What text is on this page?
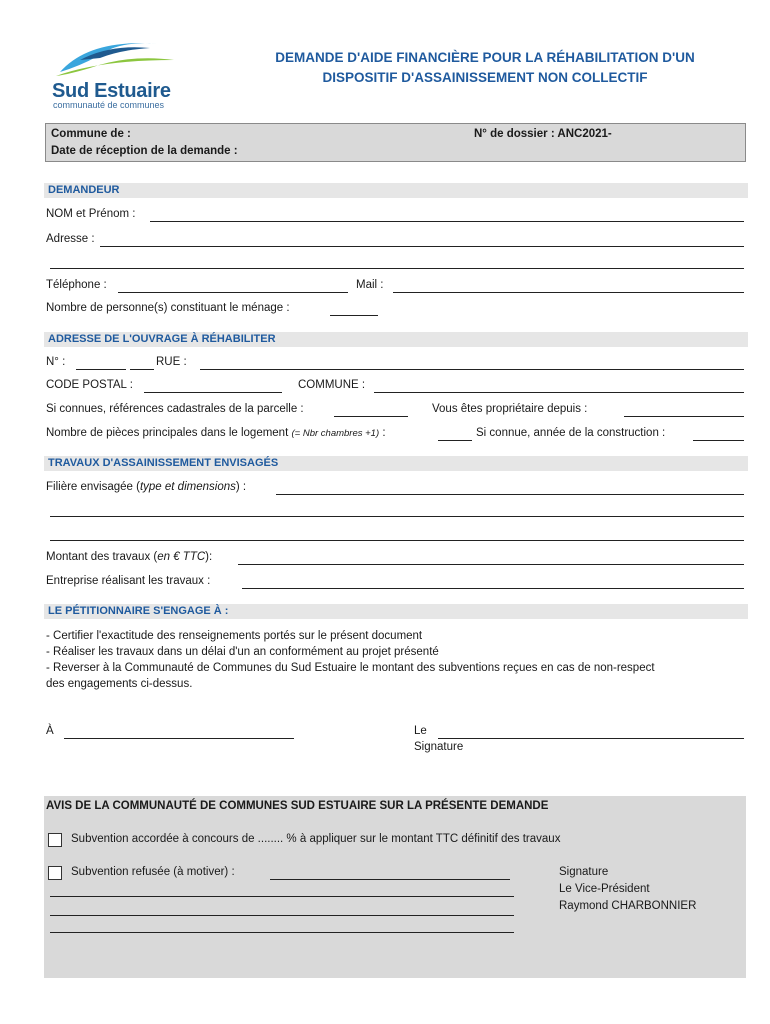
Sud Estuaire
communauté de communes
DEMANDE D'AIDE FINANCIÈRE POUR LA RÉHABILITATION D'UN
DISPOSITIF D'ASSAINISSEMENT NON COLLECTIF
Commune de :
Date de réception de la demande :
N° de dossier : ANC2021-
DEMANDEUR
NOM et Prénom :
Adresse :
Téléphone :	Mail :
Nombre de personne(s) constituant le ménage :
ADRESSE DE L'OUVRAGE À RÉHABILITER
N° :	RUE :
CODE POSTAL :	COMMUNE :
Si connues, références cadastrales de la parcelle :	Vous êtes propriétaire depuis :
Nombre de pièces principales dans le logement (= Nbr chambres +1) :	Si connue, année de la construction :
TRAVAUX D'ASSAINISSEMENT ENVISAGÉS
Filière envisagée (type et dimensions) :
Montant des travaux (en € TTC):
Entreprise réalisant les travaux :
LE PÉTITIONNAIRE S'ENGAGE À :
- Certifier l'exactitude des renseignements portés sur le présent document
- Réaliser les travaux dans un délai d'un an conformément au projet présenté
- Reverser à la Communauté de Communes du Sud Estuaire le montant des subventions reçues en cas de non-respect
des engagements ci-dessus.
À	Le
Signature
AVIS DE LA COMMUNAUTÉ DE COMMUNES SUD ESTUAIRE SUR LA PRÉSENTE DEMANDE
Subvention accordée à concours de ........ % à appliquer sur le montant TTC définitif des travaux
Subvention refusée (à motiver) :	Signature
Le Vice-Président
Raymond CHARBONNIER
